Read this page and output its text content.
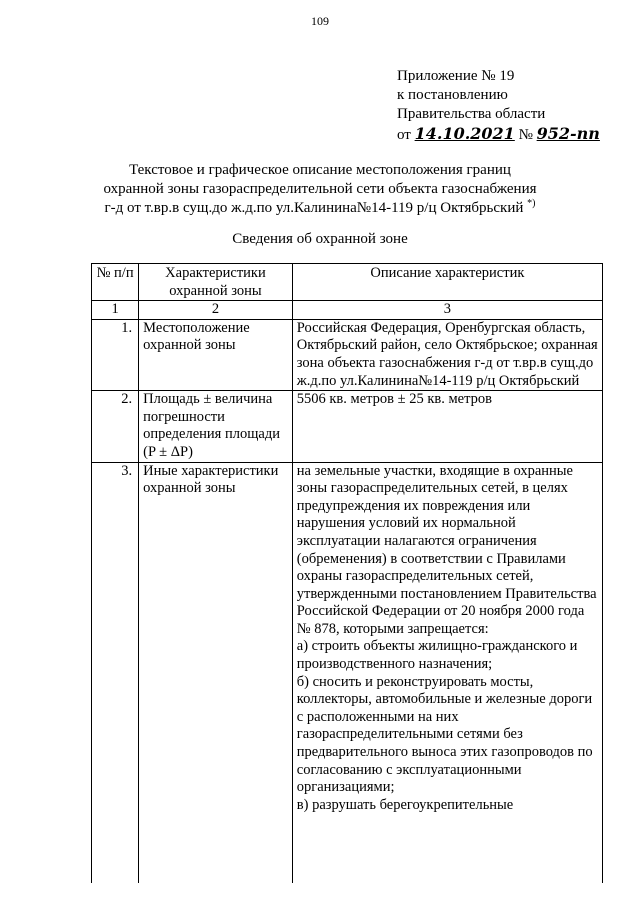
109
Приложение № 19
к постановлению
Правительства области
от 14.10.2021 № 952-пп
Текстовое и графическое описание местоположения границ
охранной зоны газораспределительной сети объекта газоснабжения
г-д от т.вр.в сущ.до ж.д.по ул.Калинина№14-119 р/ц Октябрьский *)
Сведения об охранной зоне
№ п/п	Характеристики охранной зоны	Описание характеристик
1	2	3
1.	Местоположение охранной зоны	Российская Федерация, Оренбургская область, Октябрьский район, село Октябрьское; охранная зона объекта газоснабжения г-д от т.вр.в сущ.до ж.д.по ул.Калинина№14-119 р/ц Октябрьский
2.	Площадь ± величина погрешности определения площади (P ± ΔP)	5506 кв. метров ± 25 кв. метров
3.	Иные характеристики охранной зоны	на земельные участки, входящие в охранные зоны газораспределительных сетей, в целях предупреждения их повреждения или нарушения условий их нормальной эксплуатации налагаются ограничения (обременения) в соответствии с Правилами охраны газораспределительных сетей, утвержденными постановлением Правительства Российской Федерации от 20 ноября 2000 года № 878, которыми запрещается:
а) строить объекты жилищно-гражданского и производственного назначения;
б) сносить и реконструировать мосты, коллекторы, автомобильные и железные дороги с расположенными на них газораспределительными сетями без предварительного выноса этих газопроводов по согласованию с эксплуатационными организациями;
в) разрушать берегоукрепительные
